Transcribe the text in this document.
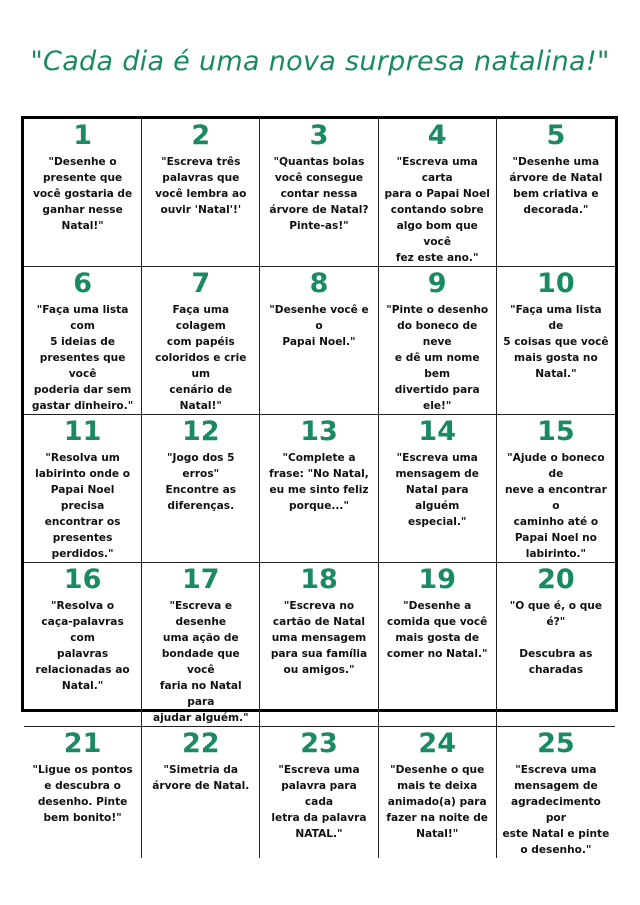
"Cada dia é uma nova surpresa natalina!"
1
"Desenhe o
presente que
você gostaria de
ganhar nesse
Natal!"
2
"Escreva três
palavras que
você lembra ao
ouvir 'Natal'!'
3
"Quantas bolas
você consegue
contar nessa
árvore de Natal?
Pinte-as!"
4
"Escreva uma carta
para o Papai Noel
contando sobre
algo bom que você
fez este ano."
5
"Desenhe uma
árvore de Natal
bem criativa e
decorada."
6
"Faça uma lista com
5 ideias de
presentes que você
poderia dar sem
gastar dinheiro."
7
Faça uma colagem
com papéis
coloridos e crie um
cenário de Natal!"
8
"Desenhe você e o
Papai Noel."
9
"Pinte o desenho
do boneco de neve
e dê um nome bem
divertido para ele!"
10
"Faça uma lista de
5 coisas que você
mais gosta no
Natal."
11
"Resolva um
labirinto onde o
Papai Noel precisa
encontrar os
presentes perdidos."
12
"Jogo dos 5 erros"
Encontre as
diferenças.
13
"Complete a
frase: "No Natal,
eu me sinto feliz
porque..."
14
"Escreva uma
mensagem de
Natal para alguém
especial."
15
"Ajude o boneco de
neve a encontrar o
caminho até o
Papai Noel no
labirinto."
16
"Resolva o
caça-palavras com
palavras
relacionadas ao
Natal."
17
"Escreva e desenhe
uma ação de
bondade que você
faria no Natal para
ajudar alguém."
18
"Escreva no
cartão de Natal
uma mensagem
para sua família
ou amigos."
19
"Desenhe a
comida que você
mais gosta de
comer no Natal."
20
"O que é, o que é?"

Descubra as
charadas
21
"Ligue os pontos
e descubra o
desenho. Pinte
bem bonito!"
22
"Simetria da
árvore de Natal.
23
"Escreva uma
palavra para cada
letra da palavra
NATAL."
24
"Desenhe o que
mais te deixa
animado(a) para
fazer na noite de
Natal!"
25
"Escreva uma
mensagem de
agradecimento por
este Natal e pinte
o desenho."
